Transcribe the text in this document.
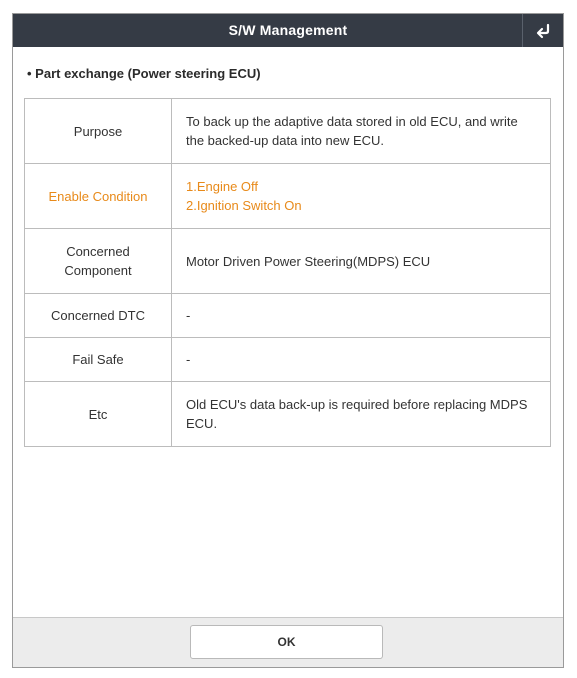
S/W Management
• Part exchange (Power steering ECU)
Purpose	To back up the adaptive data stored in old ECU, and write the backed-up data into new ECU.
Enable Condition	1.Engine Off
2.Ignition Switch On

Concerned
Component	Motor Driven Power Steering(MDPS) ECU
Concerned DTC	-
Fail Safe	-
Etc	Old ECU's data back-up is required before replacing MDPS ECU.
OK
